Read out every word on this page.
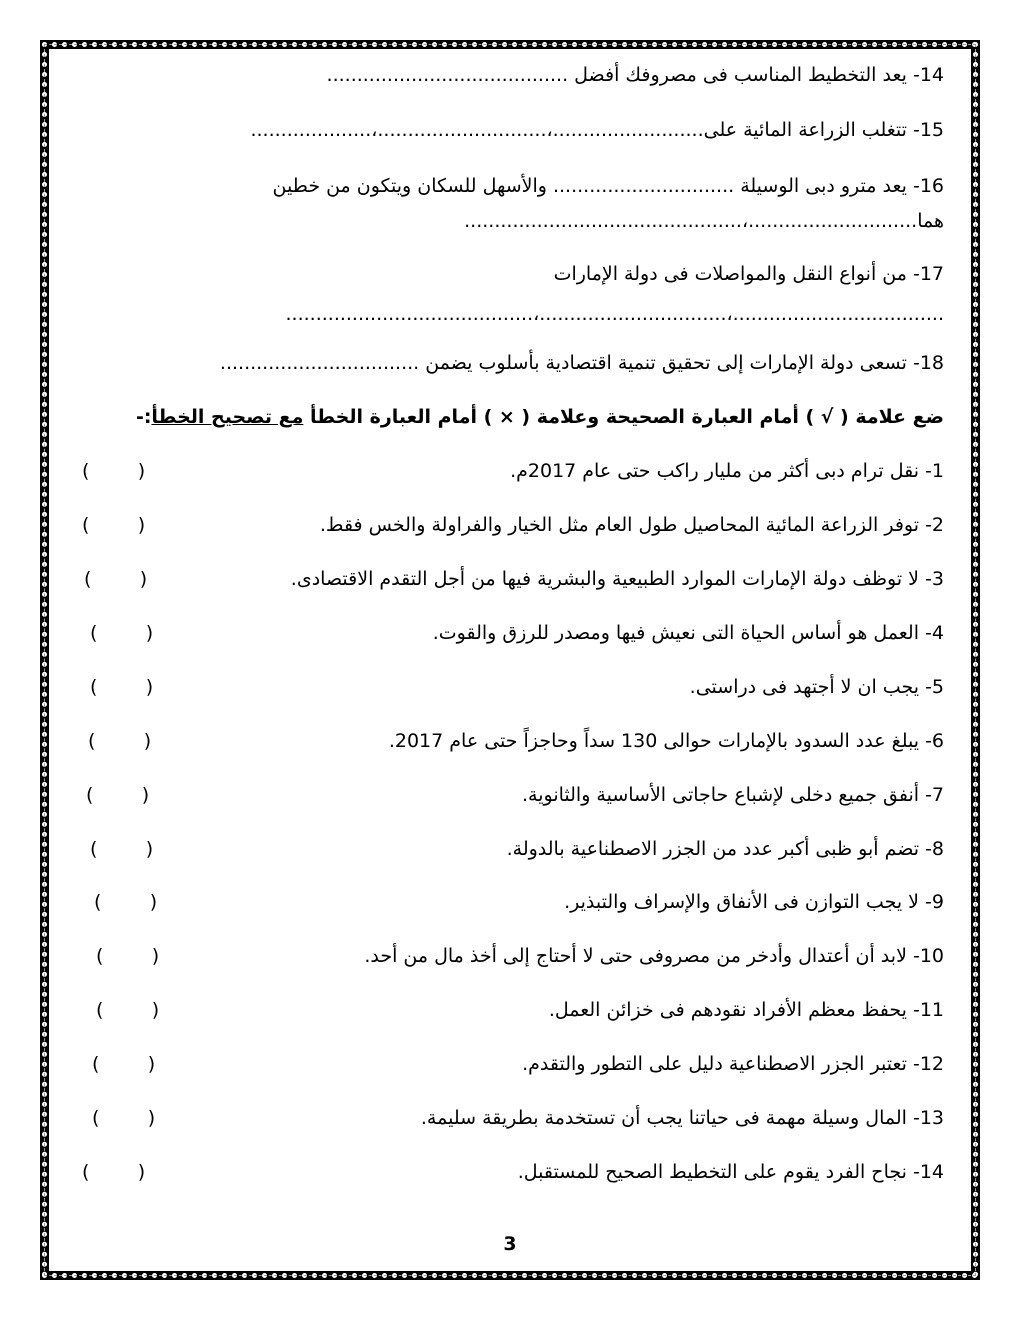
14- يعد التخطيط المناسب فى مصروفك أفضل ........................................
15- تتغلب الزراعة المائية على.........................،............................،....................
16- يعد مترو دبى الوسيلة .............................. والأسهل للسكان ويتكون من خطين
هما............................،..............................................
17- من أنواع النقل والمواصلات فى دولة الإمارات
...................................،...............................،.........................................
18- تسعى دولة الإمارات إلى تحقيق تنمية اقتصادية بأسلوب يضمن .................................
ضع علامة ( √ ) أمام العبارة الصحيحة وعلامة ( × ) أمام العبارة الخطأ مع تصحيح الخطأ:-
1- نقل ترام دبى أكثر من مليار راكب حتى عام 2017م.
(        )
2- توفر الزراعة المائية المحاصيل طول العام مثل الخيار والفراولة والخس فقط.
(        )
3- لا توظف دولة الإمارات الموارد الطبيعية والبشرية فيها من أجل التقدم الاقتصادى.
(        )
4- العمل هو أساس الحياة التى نعيش فيها ومصدر للرزق والقوت.
(        )
5- يجب ان لا أجتهد فى دراستى.
(        )
6- يبلغ عدد السدود بالإمارات حوالى 130 سداً وحاجزاً حتى عام 2017.
(        )
7- أنفق جميع دخلى لإشباع حاجاتى الأساسية والثانوية.
(        )
8- تضم أبو ظبى أكبر عدد من الجزر الاصطناعية بالدولة.
(        )
9- لا يجب التوازن فى الأنفاق والإسراف والتبذير.
(        )
10- لابد أن أعتدال وأدخر من مصروفى حتى لا أحتاج إلى أخذ مال من أحد.
(        )
11- يحفظ معظم الأفراد نقودهم فى خزائن العمل.
(        )
12- تعتبر الجزر الاصطناعية دليل على التطور والتقدم.
(        )
13- المال وسيلة مهمة فى حياتنا يجب أن تستخدمة بطريقة سليمة.
(        )
14- نجاح الفرد يقوم على التخطيط الصحيح للمستقبل.
(        )
3
